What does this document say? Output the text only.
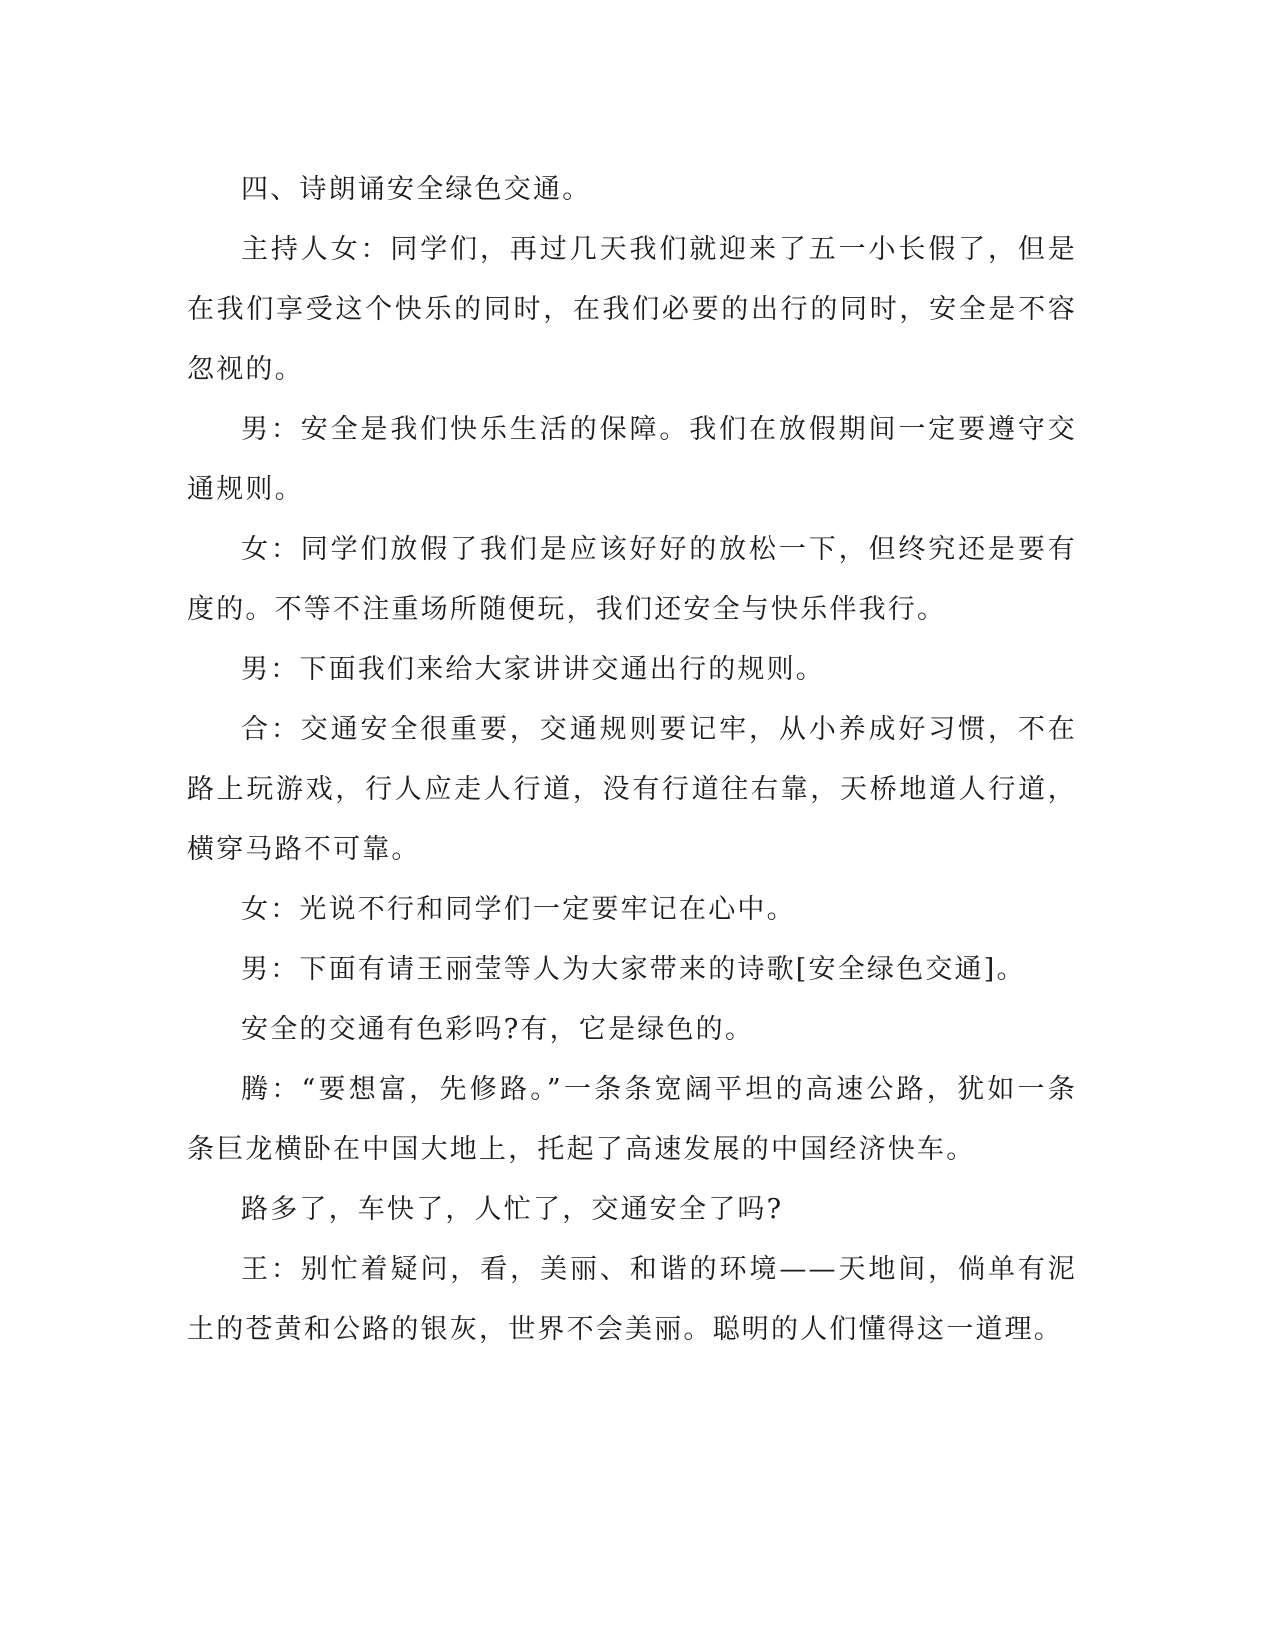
四、诗朗诵安全绿色交通。

主持人女：同学们，再过几天我们就迎来了五一小长假了，但是在我们享受这个快乐的同时，在我们必要的出行的同时，安全是不容忽视的。

男：安全是我们快乐生活的保障。我们在放假期间一定要遵守交通规则。

女：同学们放假了我们是应该好好的放松一下，但终究还是要有度的。不等不注重场所随便玩，我们还安全与快乐伴我行。

男：下面我们来给大家讲讲交通出行的规则。

合：交通安全很重要，交通规则要记牢，从小养成好习惯，不在路上玩游戏，行人应走人行道，没有行道往右靠，天桥地道人行道，横穿马路不可靠。

女：光说不行和同学们一定要牢记在心中。

男：下面有请王丽莹等人为大家带来的诗歌[安全绿色交通]。

安全的交通有色彩吗?有，它是绿色的。

腾：“要想富，先修路。”一条条宽阔平坦的高速公路，犹如一条条巨龙横卧在中国大地上，托起了高速发展的中国经济快车。

路多了，车快了，人忙了，交通安全了吗?

王：别忙着疑问，看，美丽、和谐的环境——天地间，倘单有泥土的苍黄和公路的银灰，世界不会美丽。聪明的人们懂得这一道理。
